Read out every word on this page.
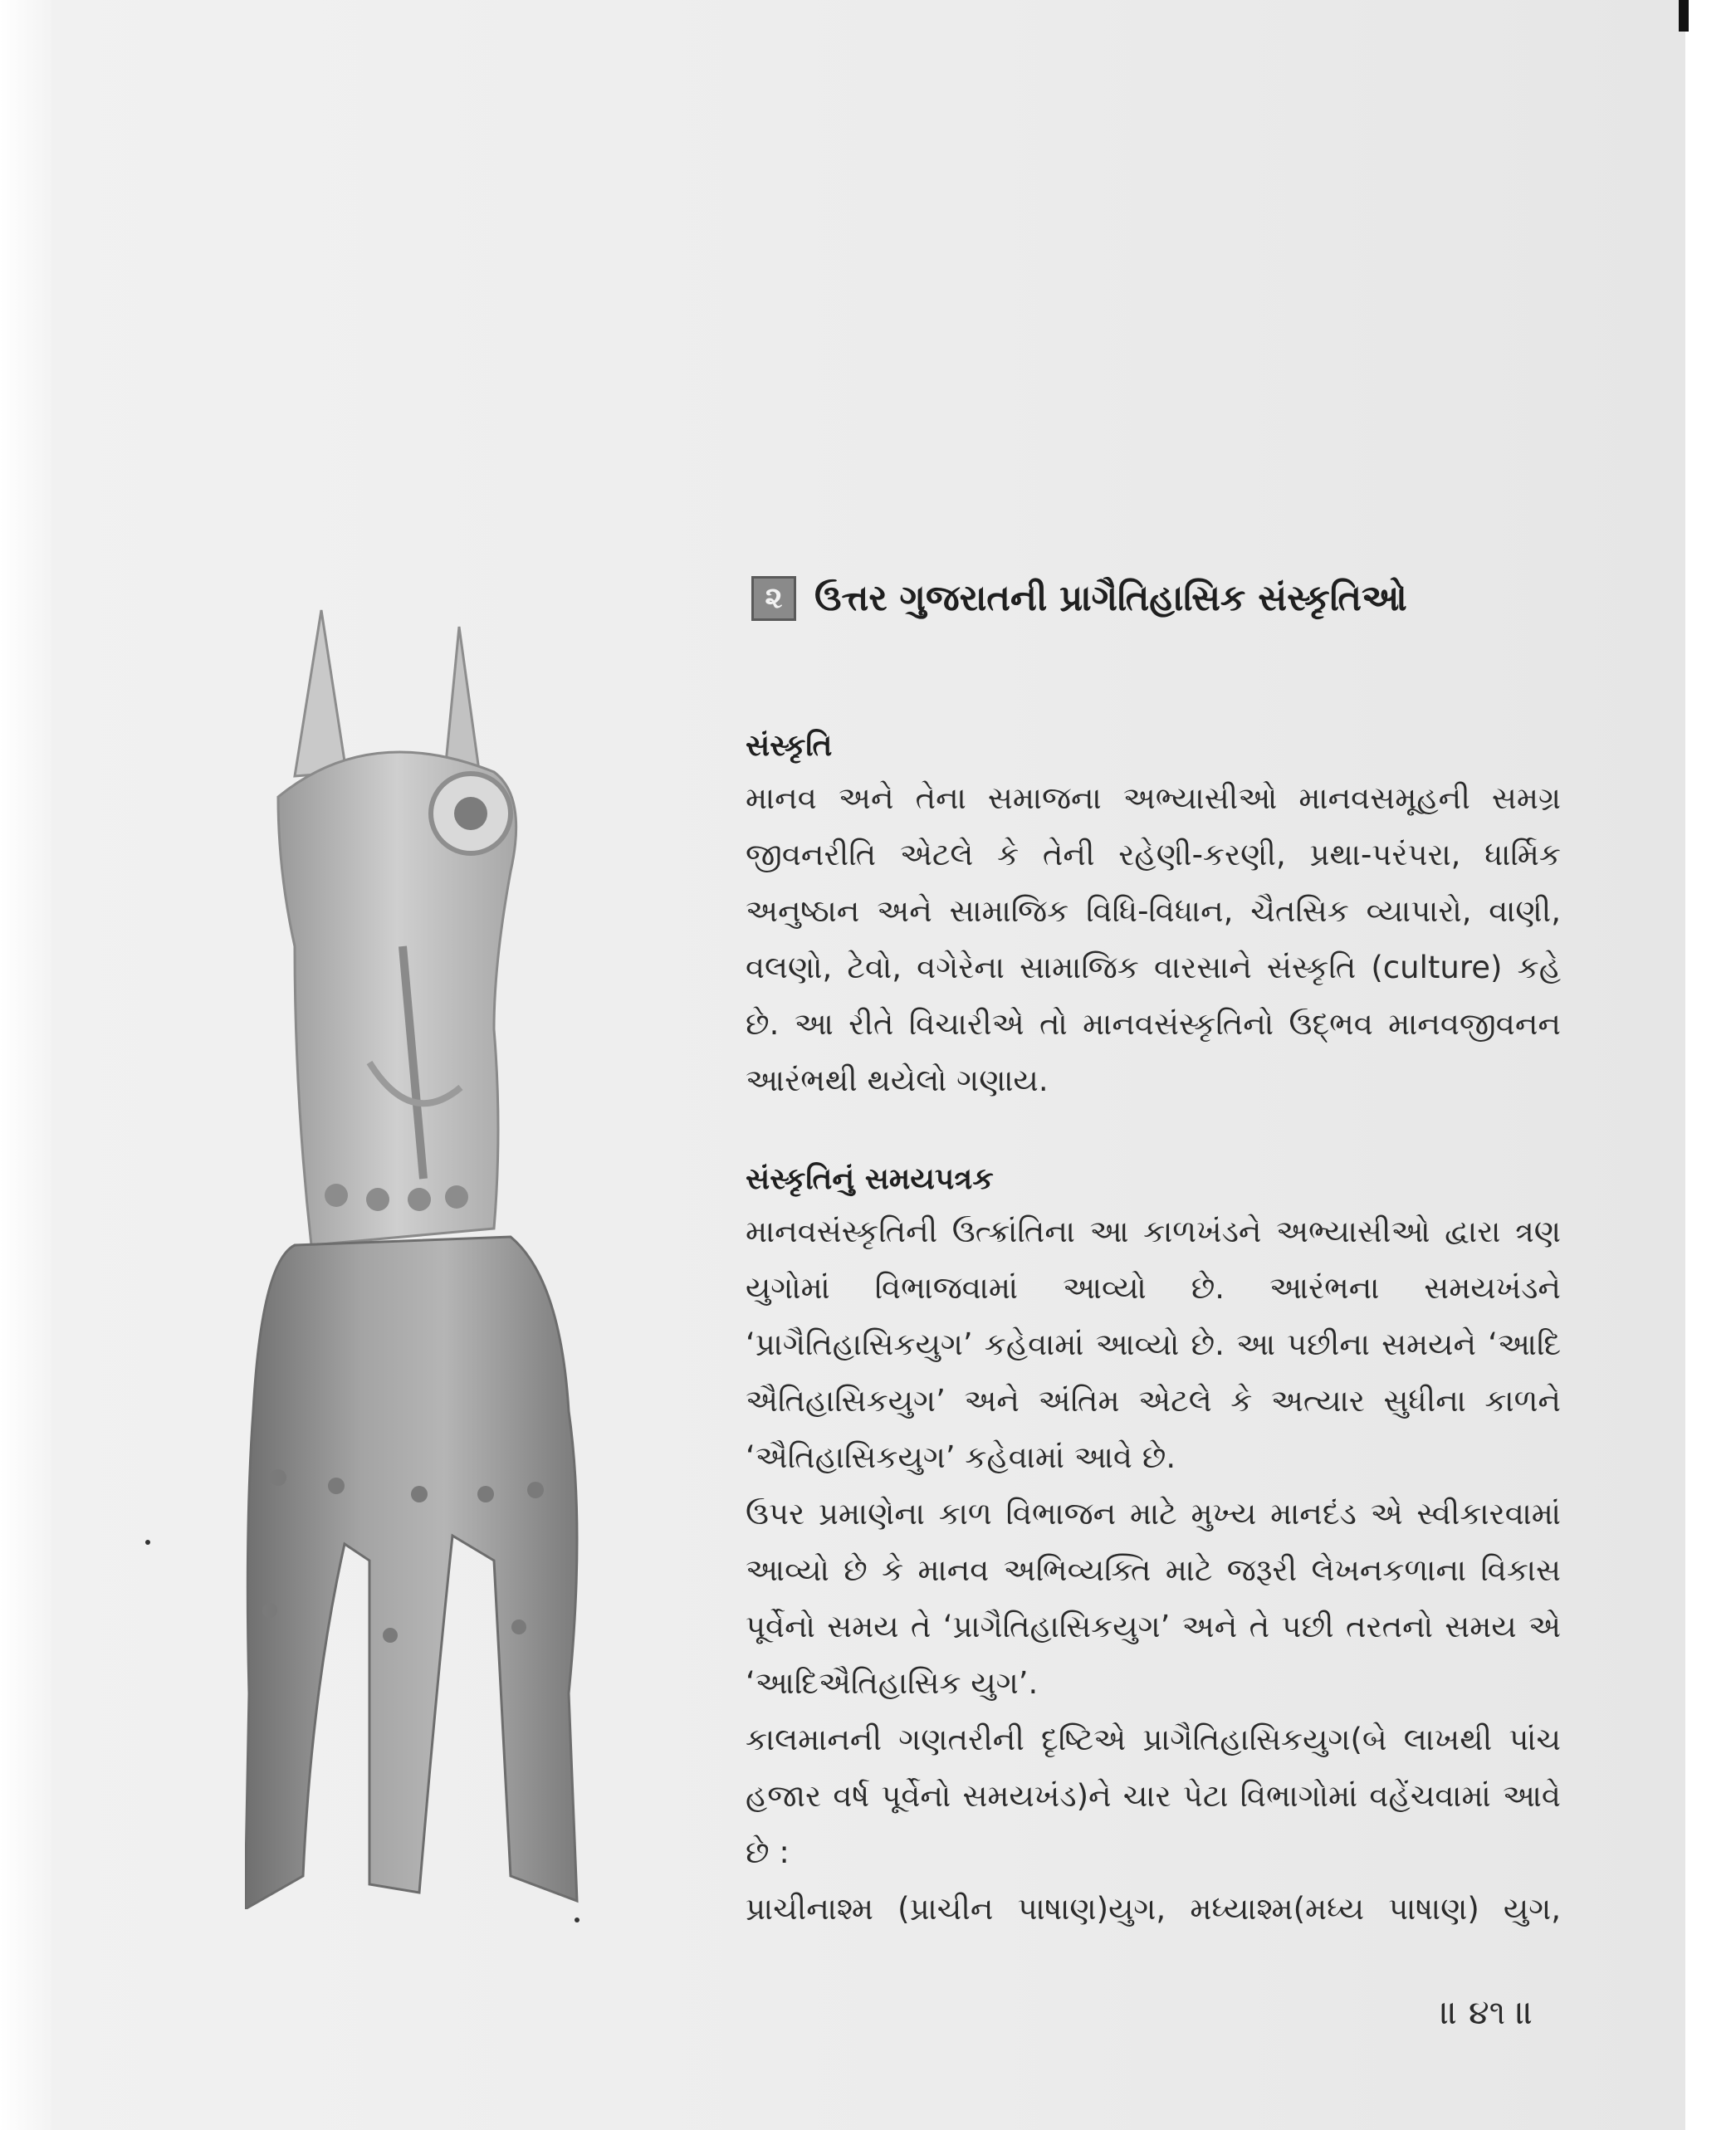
૨ ઉત્તર ગુજરાતની પ્રાગૈતિહાસિક સંસ્કૃતિઓ
સંસ્કૃતિ
માનવ અને તેના સમાજના અભ્યાસીઓ માનવસમૂહની સમગ્ર
જીવનરીતિ એટલે કે તેની રહેણી-કરણી, પ્રથા-પરંપરા, ધાર્મિક
અનુષ્ઠાન અને સામાજિક વિધિ-વિધાન, ચૈતસિક વ્યાપારો, વાણી,
વલણો, ટેવો, વગેરેના સામાજિક વારસાને સંસ્કૃતિ (culture) કહે
છે. આ રીતે વિચારીએ તો માનવસંસ્કૃતિનો ઉદ્‌ભવ માનવજીવનન
આરંભથી થયેલો ગણાય.
સંસ્કૃતિનું સમયપત્રક
માનવસંસ્કૃતિની ઉત્ક્રાંતિના આ કાળખંડને અભ્યાસીઓ દ્વારા ત્રણ
યુગોમાં વિભાજવામાં આવ્યો છે. આરંભના સમયખંડને
‘પ્રાગૈતિહાસિકયુગ’ કહેવામાં આવ્યો છે. આ પછીના સમયને ‘આદિ
ઐતિહાસિકયુગ’ અને અંતિમ એટલે કે અત્યાર સુધીના કાળને
‘ઐતિહાસિકયુગ’ કહેવામાં આવે છે.
ઉપર પ્રમાણેના કાળ વિભાજન માટે મુખ્ય માનદંડ એ સ્વીકારવામાં
આવ્યો છે કે માનવ અભિવ્યક્તિ માટે જરૂરી લેખનકળાના વિકાસ
પૂર્વેનો સમય તે ‘પ્રાગૈતિહાસિકયુગ’ અને તે પછી તરતનો સમય એ
‘આદિઐતિહાસિક યુગ’.
કાલમાનની ગણતરીની દૃષ્ટિએ પ્રાગૈતિહાસિકયુગ(બે લાખથી પાંચ
હજાર વર્ષ પૂર્વેનો સમયખંડ)ને ચાર પેટા વિભાગોમાં વહેંચવામાં આવે
છે :
પ્રાચીનાશ્મ (પ્રાચીન પાષાણ)યુગ, મધ્યાશ્મ(મધ્ય પાષાણ) યુગ,
॥ ૪૧ ॥
